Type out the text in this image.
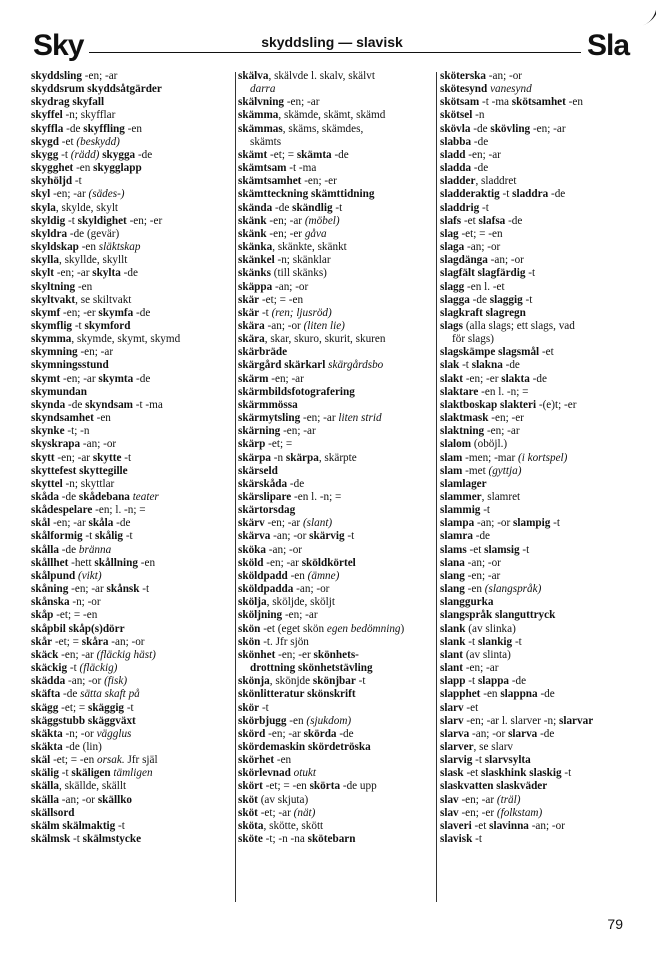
Sky	skyddsling — slavisk	Sla
skyddsling -en; -ar
skyddsrum skyddsåtgärder
skydrag skyfall
skyffel -n; skyfflar
skyffla -de skyffling -en
skygd -et (beskydd)
skygg -t (rädd) skygga -de
skygghet -en skygglapp
skyhöljd -t
skyl -en; -ar (sädes-)
skyla, skylde, skylt
skyldig -t skyldighet -en; -er
skyldra -de (gevär)
skyldskap -en släktskap
skylla, skyllde, skyllt
skylt -en; -ar skylta -de
skyltning -en
skyltvakt, se skiltvakt
skymf -en; -er skymfa -de
skymflig -t skymford
skymma, skymde, skymt, skymd
skymning -en; -ar
skymningsstund
skymt -en; -ar skymta -de
skymundan
skynda -de skyndsam -t -ma
skyndsamhet -en
skynke -t; -n
skyskrapa -an; -or
skytt -en; -ar skytte -t
skyttefest skyttegille
skyttel -n; skyttlar
skåda -de skådebana teater
skådespelare -en; l. -n; =
skål -en; -ar skåla -de
skålformig -t skålig -t
skålla -de bränna
skållhet -hett skållning -en
skålpund (vikt)
skåning -en; -ar skånsk -t
skånska -n; -or
skåp -et; = -en
skåpbil skåp(s)dörr
skår -et; = skåra -an; -or
skäck -en; -ar (fläckig häst)
skäckig -t (fläckig)
skädda -an; -or (fisk)
skäfta -de sätta skaft på
skägg -et; = skäggig -t
skäggstubb skäggväxt
skäkta -n; -or vägglus
skäkta -de (lin)
skäl -et; = -en orsak. Jfr själ
skälig -t skäligen tämligen
skälla, skällde, skällt
skälla -an; -or skällko
skällsord
skälm skälmaktig -t
skälmsk -t skälmstycke
skälva, skälvde l. skalv, skälvt
darra
skälvning -en; -ar
skämma, skämde, skämt, skämd
skämmas, skäms, skämdes,
skämts
skämt -et; = skämta -de
skämtsam -t -ma
skämtsamhet -en; -er
skämtteckning skämttidning
skända -de skändlig -t
skänk -en; -ar (möbel)
skänk -en; -er gåva
skänka, skänkte, skänkt
skänkel -n; skänklar
skänks (till skänks)
skäppa -an; -or
skär -et; = -en
skär -t (ren; ljusröd)
skära -an; -or (liten lie)
skära, skar, skuro, skurit, skuren
skärbräde
skärgård skärkarl skärgårdsbo
skärm -en; -ar
skärmbildsfotografering
skärmmössa
skärmytsling -en; -ar liten strid
skärning -en; -ar
skärp -et; =
skärpa -n skärpa, skärpte
skärseld
skärskåda -de
skärslipare -en l. -n; =
skärtorsdag
skärv -en; -ar (slant)
skärva -an; -or skärvig -t
skökа -an; -or
sköld -en; -ar sköldkörtel
sköldpadd -en (ämne)
sköldpadda -an; -or
skölja, sköljde, sköljt
sköljning -en; -ar
skön -et (eget skön egen bedömning)
skön -t. Jfr sjön
skönhet -en; -er skönhets-
drottning skönhetstävling
skönja, skönjde skönjbar -t
skönlitteratur skönskrift
skör -t
skörbjugg -en (sjukdom)
skörd -en; -ar skörda -de
skördemaskin skördetröska
skörhet -en
skörlevnad otukt
skört -et; = -en skörta -de upp
sköt (av skjuta)
sköt -et; -ar (nät)
sköta, skötte, skött
sköte -t; -n -na skötebarn
sköterska -an; -or
skötesynd vanesynd
skötsam -t -ma skötsamhet -en
skötsel -n
skövla -de skövling -en; -ar
slabba -de
sladd -en; -ar
sladda -de
sladder, sladdret
sladderaktig -t sladdra -de
sladdrig -t
slafs -et slafsa -de
slag -et; = -en
slaga -an; -or
slagdänga -an; -or
slagfält slagfärdig -t
slagg -en l. -et
slagga -de slaggig -t
slagkraft slagregn
slags (alla slags; ett slags, vad
för slags)
slagskämpe slagsmål -et
slak -t slakna -de
slakt -en; -er slakta -de
slaktare -en l. -n; =
slaktboskap slakteri -(e)t; -er
slaktmask -en; -er
slaktning -en; -ar
slalom (oböjl.)
slam -men; -mar (i kortspel)
slam -met (gyttja)
slamlager
slammer, slamret
slammig -t
slampa -an; -or slampig -t
slamra -de
slams -et slamsig -t
slana -an; -or
slang -en; -ar
slang -en (slangspråk)
slanggurka
slangspråk slanguttryck
slank (av slinka)
slank -t slankig -t
slant (av slinta)
slant -en; -ar
slapp -t slappa -de
slapphet -en slappna -de
slarv -et
slarv -en; -ar l. slarver -n; slarvar
slarva -an; -or slarva -de
slarver, se slarv
slarvig -t slarvsylta
slask -et slaskhink slaskig -t
slaskvatten slaskväder
slav -en; -ar (träl)
slav -en; -er (folkstam)
slaveri -et slavinna -an; -or
slavisk -t
79
